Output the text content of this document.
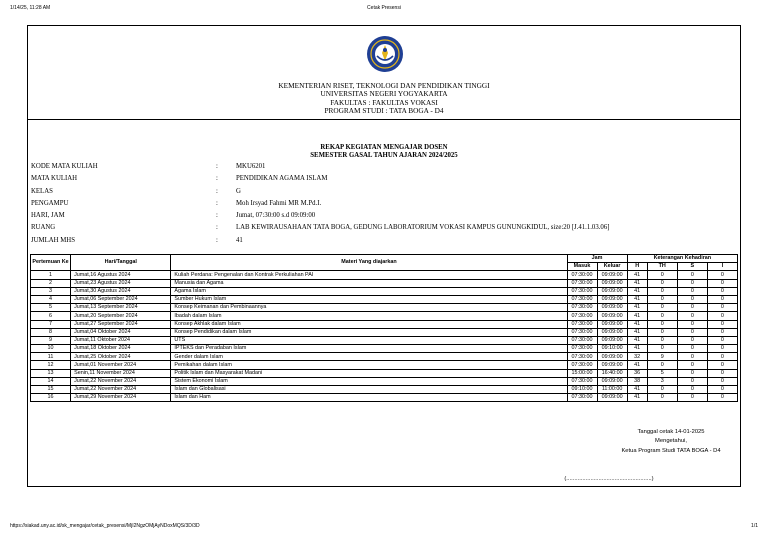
1/14/25, 11:28 AM	Cetak Presensi
KEMENTERIAN RISET, TEKNOLOGI DAN PENDIDIKAN TINGGI
UNIVERSITAS NEGERI YOGYAKARTA
FAKULTAS : FAKULTAS VOKASI
PROGRAM STUDI : TATA BOGA - D4
REKAP KEGIATAN MENGAJAR DOSEN
SEMESTER GASAL TAHUN AJARAN 2024/2025
KODE MATA KULIAH	:	MKU6201
MATA KULIAH	:	PENDIDIKAN AGAMA ISLAM
KELAS	:	G
PENGAMPU	:	Moh Irsyad Fahmi MR M.Pd.I.
HARI, JAM	:	Jumat, 07:30:00 s.d 09:09:00
RUANG	:	LAB KEWIRAUSAHAAN TATA BOGA, GEDUNG LABORATORIUM VOKASI KAMPUS GUNUNGKIDUL, size:20 [J.41.1.03.06]
JUMLAH MHS	:	41
Pertemuan Ke	Hari/Tanggal	Materi Yang diajarkan	Jam		Keterangan Kehadiran			
			Masuk	Keluar	H	TH	S	I
1	Jumat,16 Agustus 2024	Kuliah Perdana: Pengenalan dan Kontrak Perkuliahan PAI	07:30:00	09:09:00	41	0	0	0
2	Jumat,23 Agustus 2024	Manusia dan Agama	07:30:00	09:09:00	41	0	0	0
3	Jumat,30 Agustus 2024	Agama Islam	07:30:00	09:09:00	41	0	0	0
4	Jumat,06 September 2024	Sumber Hukum Islam	07:30:00	09:09:00	41	0	0	0
5	Jumat,13 September 2024	Konsep Keimanan dan Pembinaannya	07:30:00	09:09:00	41	0	0	0
6	Jumat,20 September 2024	Ibadah dalam Islam	07:30:00	09:09:00	41	0	0	0
7	Jumat,27 September 2024	Konsep Akhlak dalam Islam	07:30:00	09:09:00	41	0	0	0
8	Jumat,04 Oktober 2024	Konsep Pendidikan dalam Islam	07:30:00	09:09:00	41	0	0	0
9	Jumat,11 Oktober 2024	UTS	07:30:00	09:09:00	41	0	0	0
10	Jumat,18 Oktober 2024	IPTEKS dan Peradaban Islam	07:30:00	09:10:00	41	0	0	0
11	Jumat,25 Oktober 2024	Gender dalam Islam	07:30:00	09:09:00	32	9	0	0
12	Jumat,01 November 2024	Pemikahan dalam Islam	07:30:00	09:09:00	41	0	0	0
13	Senin,11 November 2024	Politik Islam dan Masyarakat Madani	15:00:00	16:40:00	36	5	0	0
14	Jumat,22 November 2024	Sistem Ekonomi Islam	07:30:00	09:09:00	38	3	0	0
15	Jumat,22 November 2024	Islam dan Globalisasi	09:10:00	11:00:00	41	0	0	0
16	Jumat,29 November 2024	Islam dan Ham	07:30:00	09:09:00	41	0	0	0
Tanggal cetak 14-01-2025
Mengetahui,
Ketua Program Studi TATA BOGA - D4
(.....................................................)
https://siakad.uny.ac.id/sk_mengajar/cetak_presensi/MjI2NgzOMjAyNDoxMQS/3D/3D	1/1
